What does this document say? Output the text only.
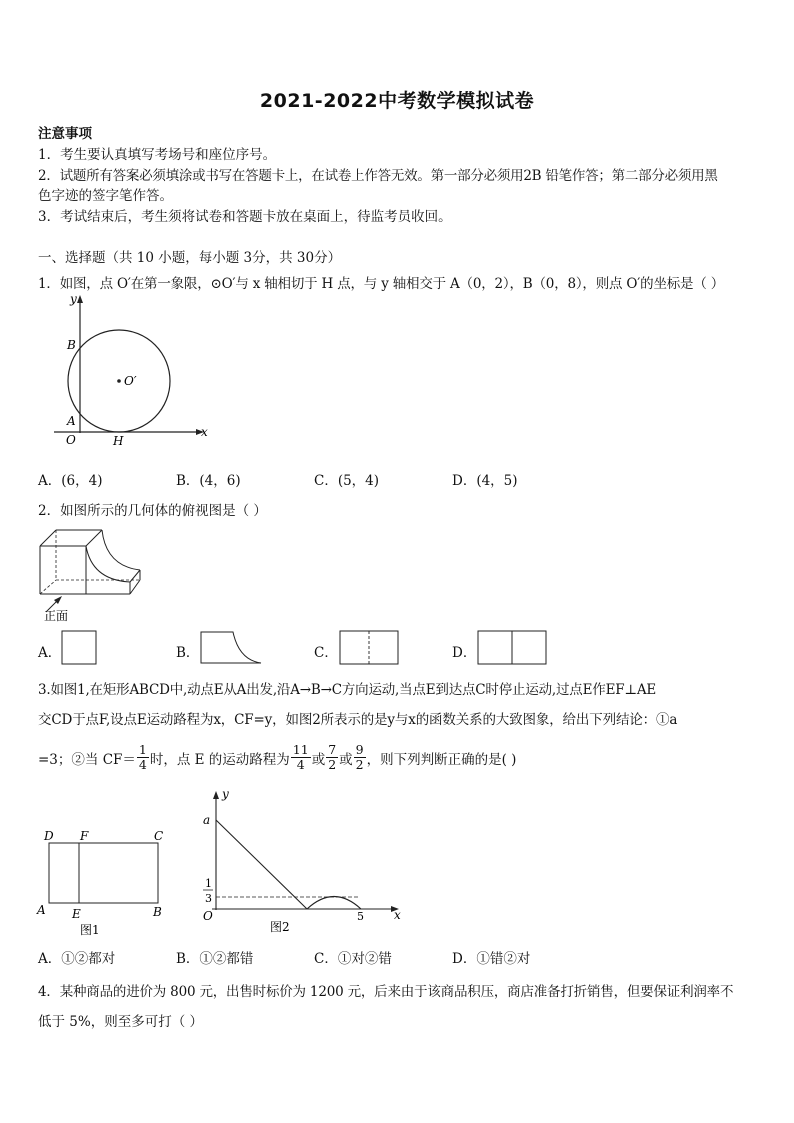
2021-2022中考数学模拟试卷
注意事项
1．考生要认真填写考场号和座位序号。
2．试题所有答案必须填涂或书写在答题卡上，在试卷上作答无效。第一部分必须用2B 铅笔作答；第二部分必须用黑
色字迹的签字笔作答。
3．考试结束后，考生须将试卷和答题卡放在桌面上，待监考员收回。
一、选择题（共 10 小题，每小题 3分，共 30分）
1．如图，点 O′在第一象限，⊙O′与 x 轴相切于 H 点，与 y 轴相交于 A（0，2），B（0，8），则点 O′的坐标是（ ）
y
x
B
A
O	H
O′
A．(6，4)	B．(4，6)	C．(5，4)	D．(4，5)
2．如图所示的几何体的俯视图是（ ）
正面
A．	B．	C．	D．
3.如图1,在矩形ABCD中,动点E从A出发,沿A→B→C方向运动,当点E到达点C时停止运动,过点E作EF⊥AE
交CD于点F,设点E运动路程为x，CF=y，如图2所表示的是y与x的函数关系的大致图象，给出下列结论：①a
=3；②当 $CF= \frac{1}{4}$ 时，点 E 的运动路程为 $\frac{11}{4}$ 或 $\frac{7}{2}$ 或 $\frac{9}{2}$ ，则下列判断正确的是( )
D F	C
A E	B
图1
y
x
a
1
3
O	5
图2
A．①②都对	B．①②都错	C．①对②错	D．①错②对
4．某种商品的进价为 800 元，出售时标价为 1200 元，后来由于该商品积压，商店准备打折销售，但要保证利润率不
低于 5%，则至多可打（ ）
